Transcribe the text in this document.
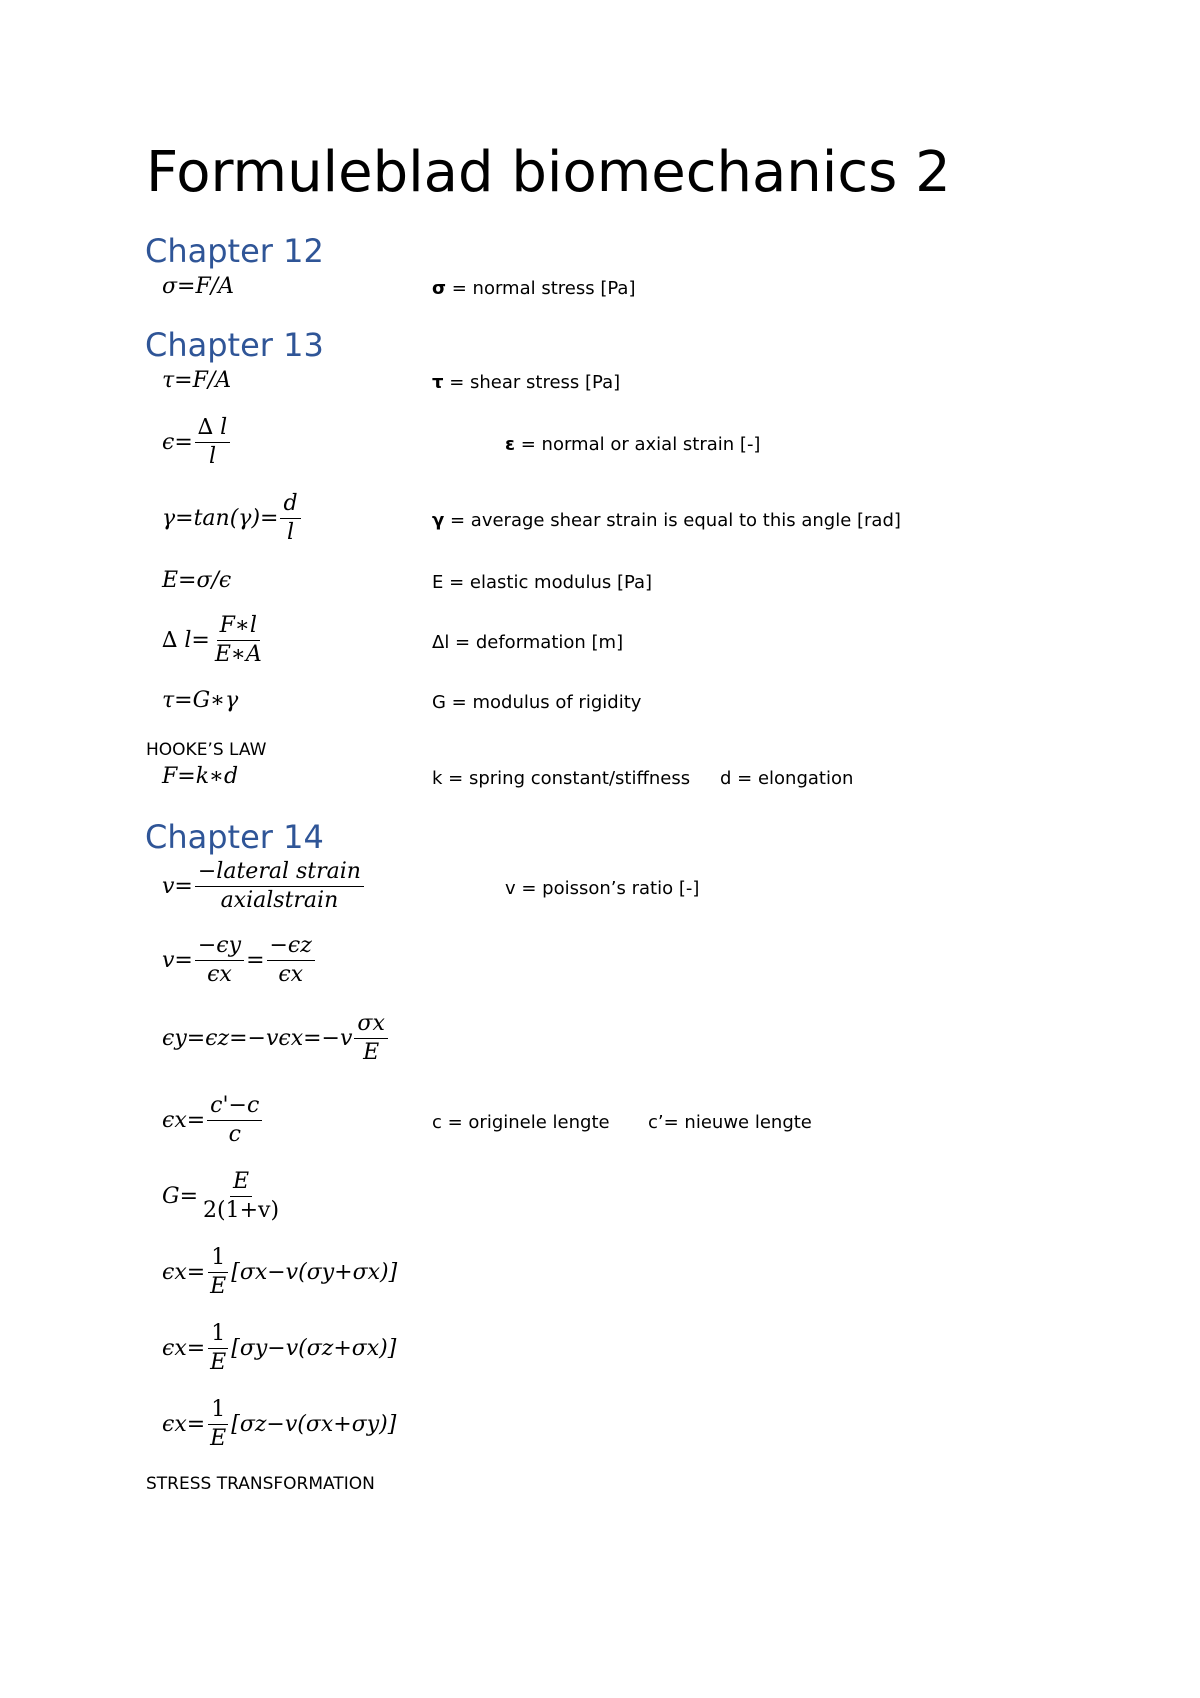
Formuleblad biomechanics 2
Chapter 12
σ=F/A	σ = normal stress [Pa]
Chapter 13
τ=F/A	τ = shear stress [Pa]
$\epsilon= \frac{\Delta l}{l}$	ε = normal or axial strain [-]
$\gamma=\tan(\gamma)= \frac{d}{l}$	γ = average shear strain is equal to this angle [rad]
E=σ/ϵ	E = elastic modulus [Pa]
∆ $l= \frac{F∗l}{E∗A}$	Δl = deformation [m]
τ=G∗γ	G = modulus of rigidity
HOOKE’S LAW
F=k∗d	k = spring constant/stiffness d = elongation
Chapter 14
$v= \frac{\text{−lateral strain}}{\text{axialstrain}}$	v = poisson’s ratio [-]
$v= \frac{-\epsilon y}{\epsilon x} = \frac{-\epsilon z}{\epsilon x}$
$\epsilon y=\epsilon z=-v\epsilon x=-v \frac{\sigma x}{E}$
$\epsilon x= \frac{c'-c}{c}$	c = originele lengte c’= nieuwe lengte
$G= \frac{E}{2(1+v)}$
$\epsilon x= \frac{1}{E} [\sigma x-v(\sigma y+\sigma x)]$
$\epsilon x= \frac{1}{E} [\sigma y-v(\sigma z+\sigma x)]$
$\epsilon x= \frac{1}{E} [\sigma z-v(\sigma x+\sigma y)]$
STRESS TRANSFORMATION
